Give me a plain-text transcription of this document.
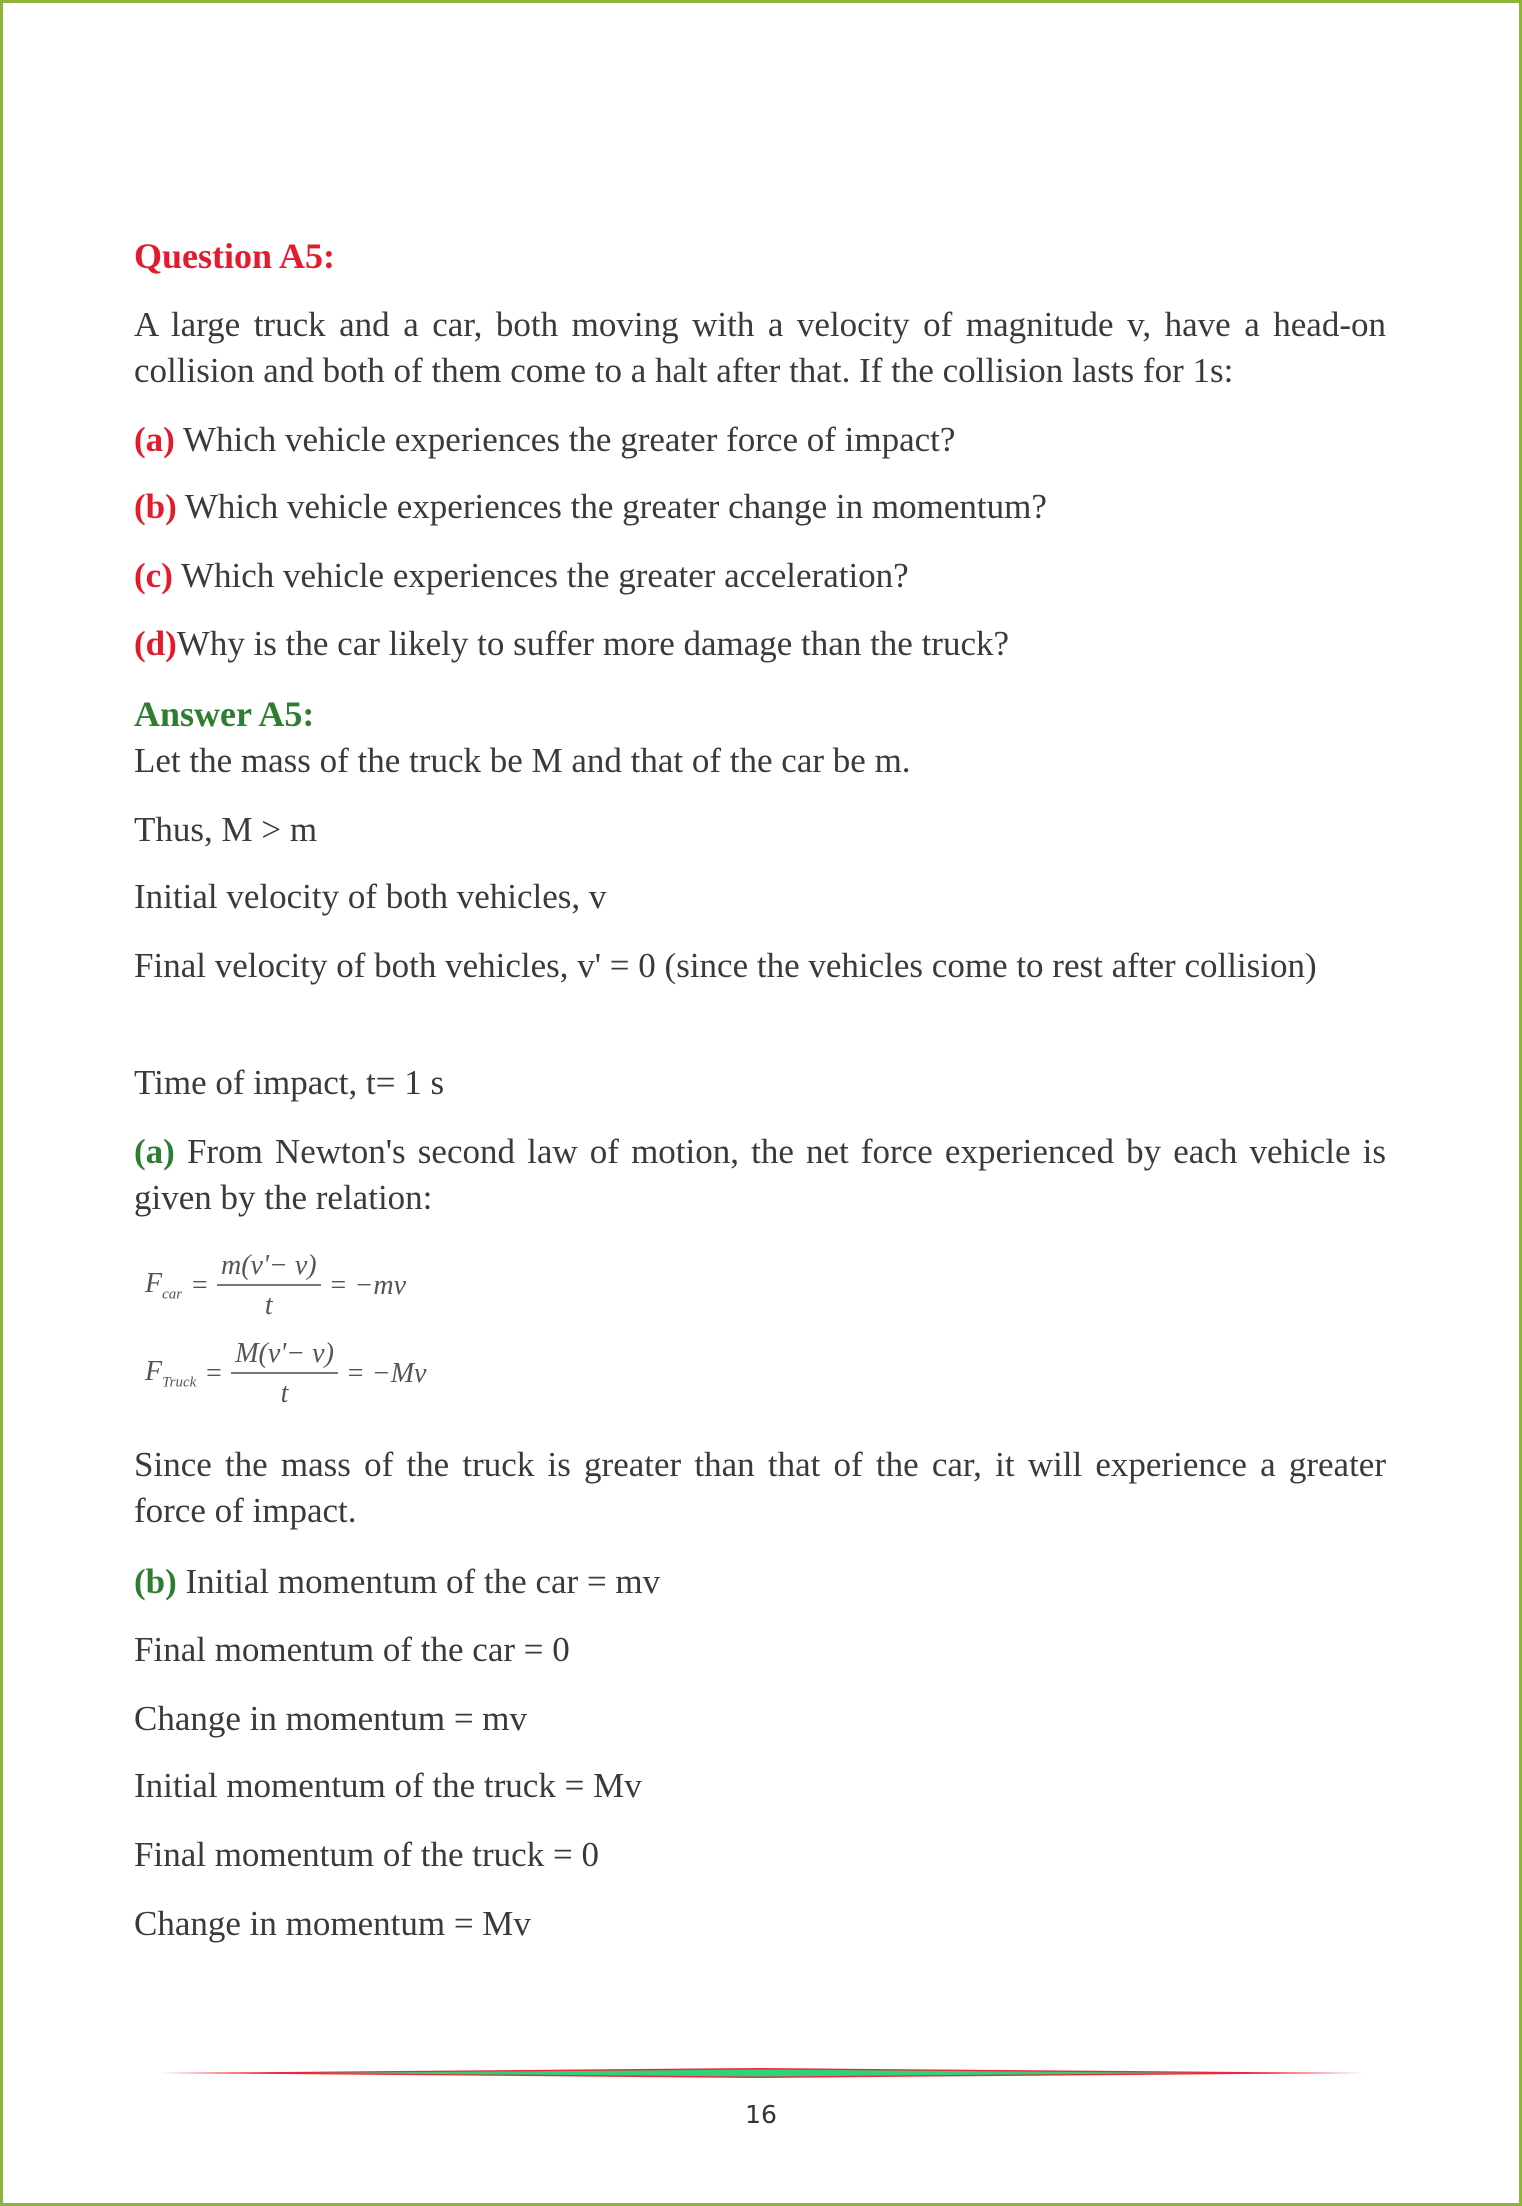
Question A5:
A large truck and a car, both moving with a velocity of magnitude v, have a head-on collision and both of them come to a halt after that. If the collision lasts for 1s:
(a) Which vehicle experiences the greater force of impact?
(b) Which vehicle experiences the greater change in momentum?
(c) Which vehicle experiences the greater acceleration?
(d)Why is the car likely to suffer more damage than the truck?
Answer A5:
Let the mass of the truck be M and that of the car be m.
Thus, M > m
Initial velocity of both vehicles, v
Final velocity of both vehicles, v' = 0 (since the vehicles come to rest after collision)
Time of impact, t= 1 s
(a) From Newton's second law of motion, the net force experienced by each vehicle is given by the relation:
$F_{car} = \frac{m(v'- v)}{t} = -mv$
$F_{Truck} = \frac{M(v'- v)}{t} = -Mv$
Since the mass of the truck is greater than that of the car, it will experience a greater force of impact.
(b) Initial momentum of the car = mv
Final momentum of the car = 0
Change in momentum = mv
Initial momentum of the truck = Mv
Final momentum of the truck = 0
Change in momentum = Mv
16
